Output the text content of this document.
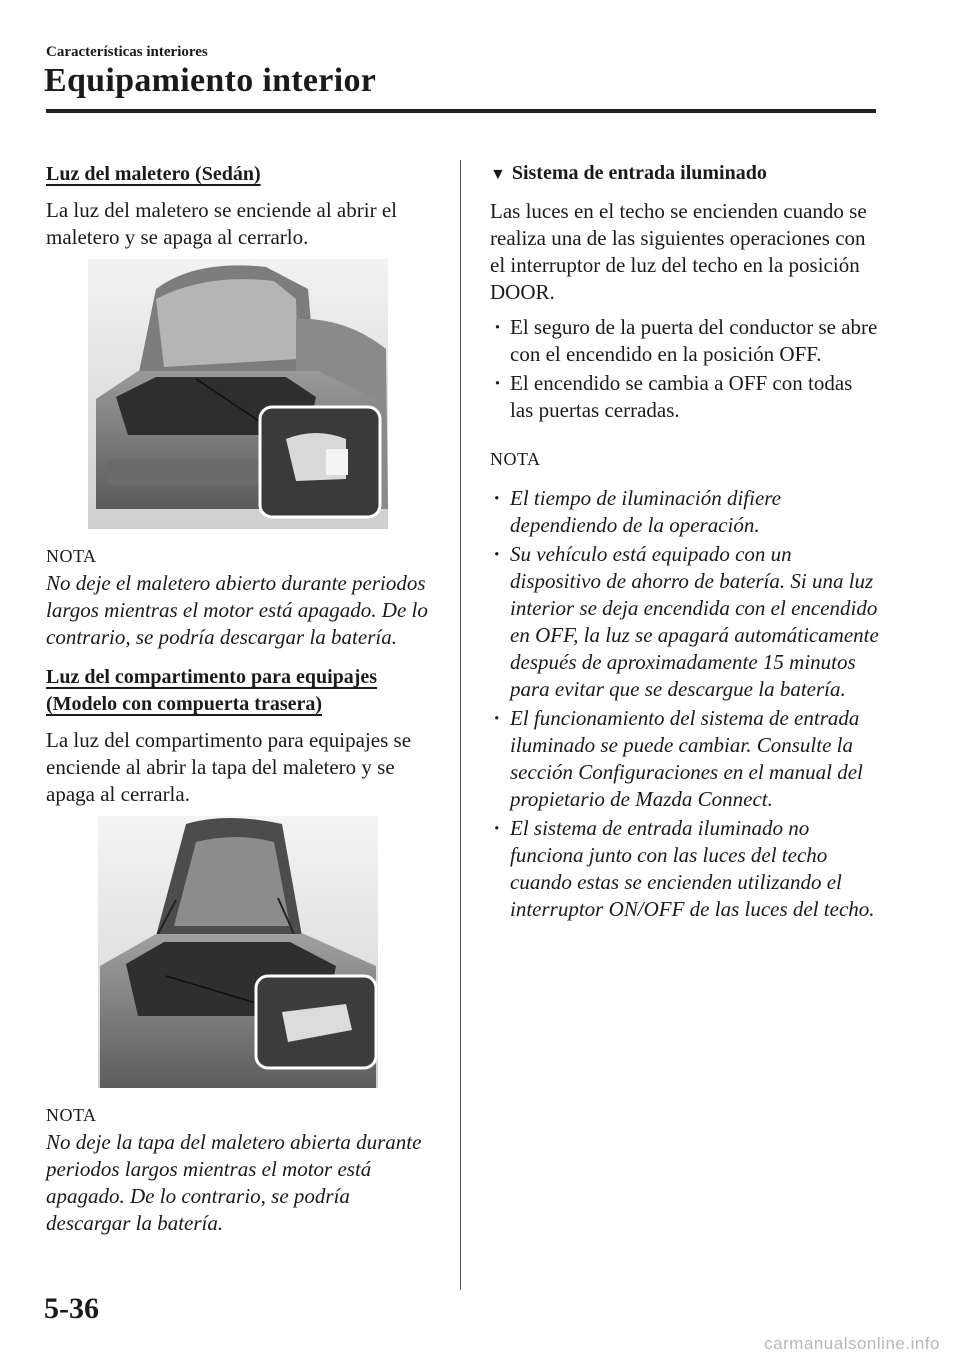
Características interiores
Equipamiento interior
Luz del maletero (Sedán)

La luz del maletero se enciende al abrir el maletero y se apaga al cerrarlo.

NOTA

No deje el maletero abierto durante periodos largos mientras el motor está apagado. De lo contrario, se podría descargar la batería.

Luz del compartimento para equipajes
(Modelo con compuerta trasera)

La luz del compartimento para equipajes se enciende al abrir la tapa del maletero y se apaga al cerrarla.

NOTA

No deje la tapa del maletero abierta durante periodos largos mientras el motor está apagado. De lo contrario, se podría descargar la batería.

▼ Sistema de entrada iluminado

Las luces en el techo se encienden cuando se realiza una de las siguientes operaciones con el interruptor de luz del techo en la posición DOOR.

· El seguro de la puerta del conductor se abre con el encendido en la posición OFF.
· El encendido se cambia a OFF con todas las puertas cerradas.
NOTA
· El tiempo de iluminación difiere dependiendo de la operación.
· Su vehículo está equipado con un dispositivo de ahorro de batería. Si una luz interior se deja encendida con el encendido en OFF, la luz se apagará automáticamente después de aproximadamente 15 minutos para evitar que se descargue la batería.
· El funcionamiento del sistema de entrada iluminado se puede cambiar. Consulte la sección Configuraciones en el manual del propietario de Mazda Connect.
· El sistema de entrada iluminado no funciona junto con las luces del techo cuando estas se encienden utilizando el interruptor ON/OFF de las luces del techo.
5-36
carmanualsonline.info
